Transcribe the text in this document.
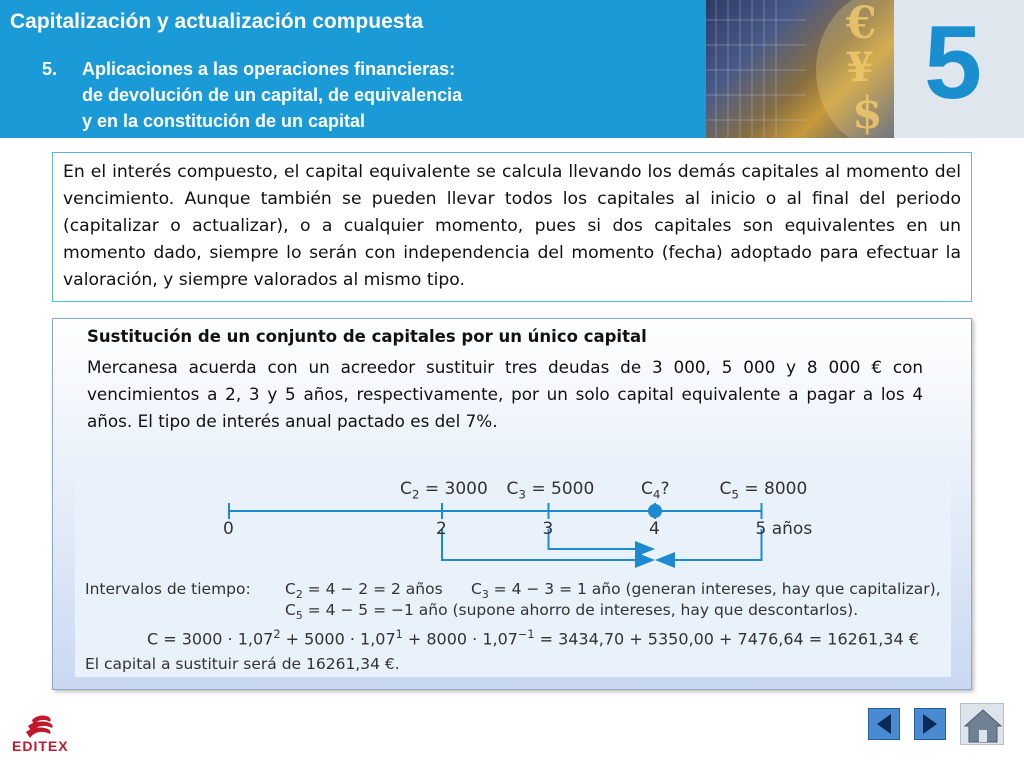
Capitalización y actualización compuesta
5. Aplicaciones a las operaciones financieras:
de devolución de un capital, de equivalencia
y en la constitución de un capital
€
¥
$ 5

En el interés compuesto, el capital equivalente se calcula llevando los demás capitales al momento del vencimiento. Aunque también se pueden llevar todos los capitales al inicio o al final del periodo (capitalizar o actualizar), o a cualquier momento, pues si dos capitales son equivalentes en un momento dado, siempre lo serán con independencia del momento (fecha) adoptado para efectuar la valoración, y siempre valorados al mismo tipo.

Sustitución de un conjunto de capitales por un único capital

Mercanesa acuerda con un acreedor sustituir tres deudas de 3 000, 5 000 y 8 000 € con vencimientos a 2, 3 y 5 años, respectivamente, por un solo capital equivalente a pagar a los 4 años. El tipo de interés anual pactado es del 7%.

$C_2 = 3000$ $C_3 = 5000$	$C_4$?	$C_5 = 8000$
0	2	3	4	5 años
Intervalos de tiempo: $C_2 = 4 - 2 = 2$ años $C_3 = 4 - 3 = 1$ año (generan intereses, hay que capitalizar),
$C_5 = 4 - 5 = -1$ año (supone ahorro de intereses, hay que descontarlos).
$C = 3000 \cdot 1,07^2 + 5000 \cdot 1,07^1 + 8000 \cdot 1,07^{-1} = 3434,70 + 5350,00 + 7476,64 = 16261,34$ €
El capital a sustituir será de 16261,34 €.
EDITEX
